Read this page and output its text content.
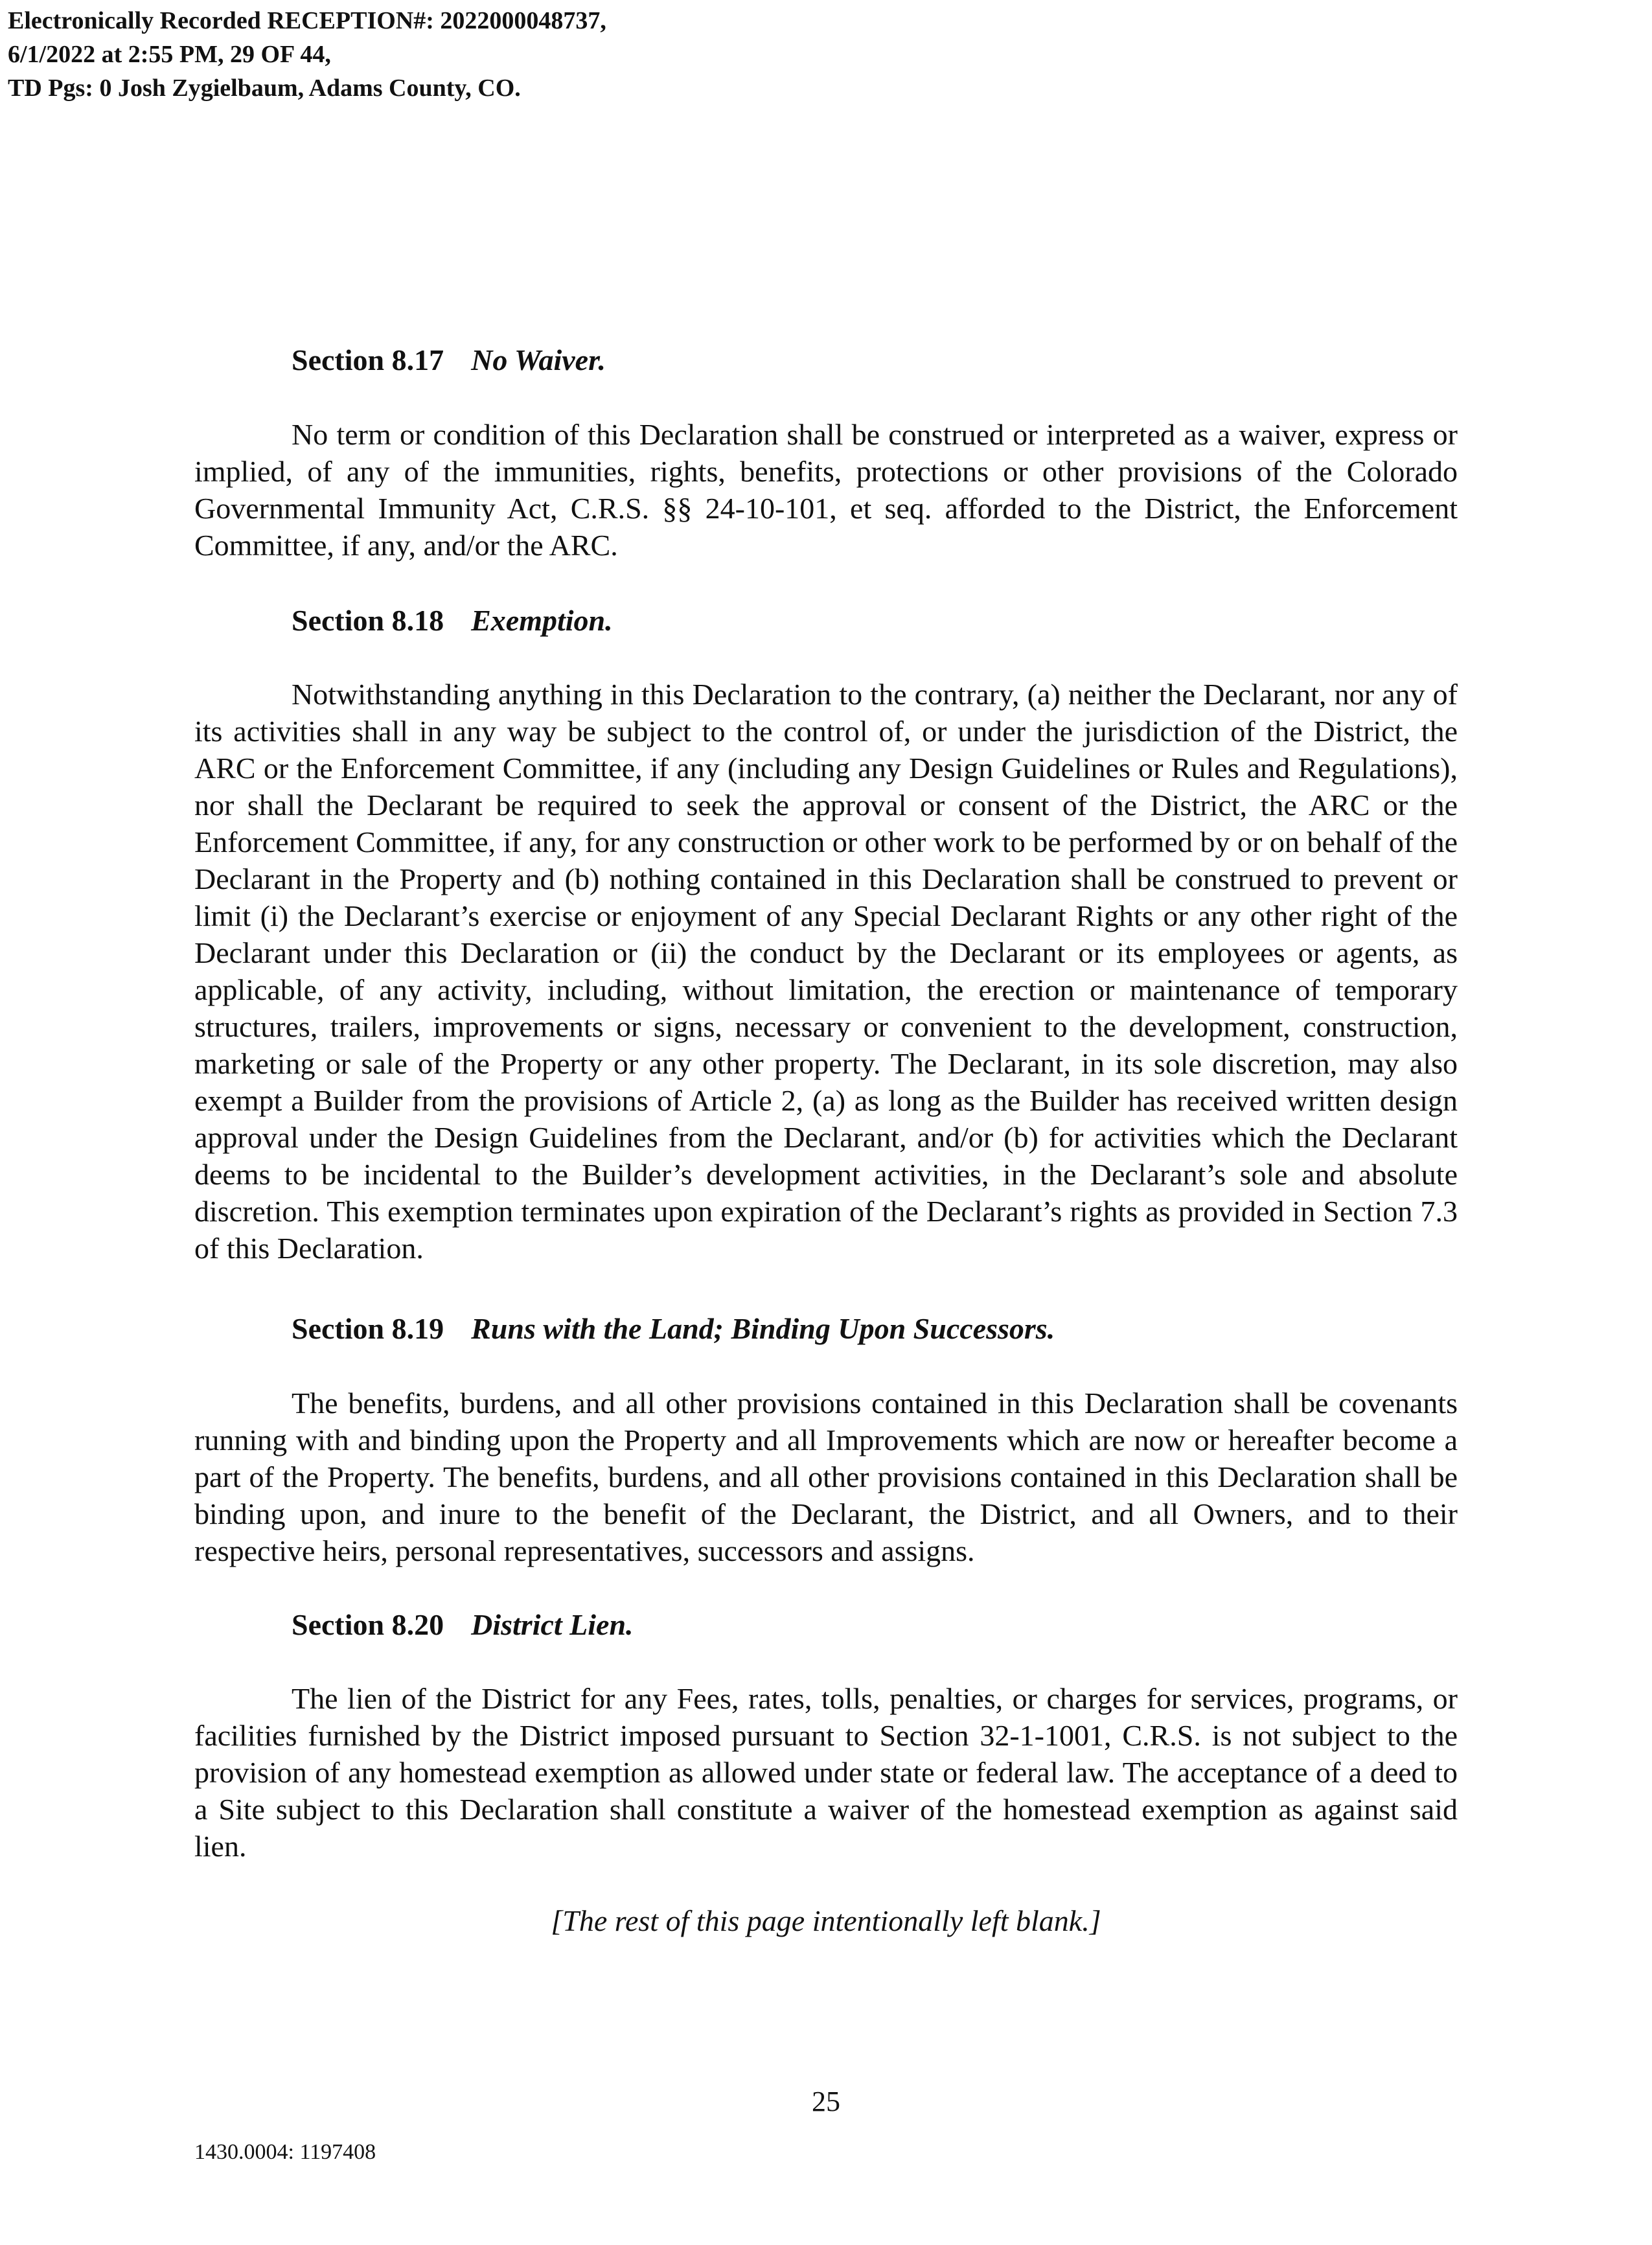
Electronically Recorded RECEPTION#: 2022000048737,
6/1/2022 at 2:55 PM, 29 OF 44,
TD Pgs: 0 Josh Zygielbaum, Adams County, CO.
Section 8.17 No Waiver.

No term or condition of this Declaration shall be construed or interpreted as a waiver, express or implied, of any of the immunities, rights, benefits, protections or other provisions of the Colorado Governmental Immunity Act, C.R.S. §§ 24-10-101, et seq. afforded to the District, the Enforcement Committee, if any, and/or the ARC.

Section 8.18 Exemption.

Notwithstanding anything in this Declaration to the contrary, (a) neither the Declarant, nor any of its activities shall in any way be subject to the control of, or under the jurisdiction of the District, the ARC or the Enforcement Committee, if any (including any Design Guidelines or Rules and Regulations), nor shall the Declarant be required to seek the approval or consent of the District, the ARC or the Enforcement Committee, if any, for any construction or other work to be performed by or on behalf of the Declarant in the Property and (b) nothing contained in this Declaration shall be construed to prevent or limit (i) the Declarant’s exercise or enjoyment of any Special Declarant Rights or any other right of the Declarant under this Declaration or (ii) the conduct by the Declarant or its employees or agents, as applicable, of any activity, including, without limitation, the erection or maintenance of temporary structures, trailers, improvements or signs, necessary or convenient to the development, construction, marketing or sale of the Property or any other property. The Declarant, in its sole discretion, may also exempt a Builder from the provisions of Article 2, (a) as long as the Builder has received written design approval under the Design Guidelines from the Declarant, and/or (b) for activities which the Declarant deems to be incidental to the Builder’s development activities, in the Declarant’s sole and absolute discretion. This exemption terminates upon expiration of the Declarant’s rights as provided in Section 7.3 of this Declaration.

Section 8.19 Runs with the Land; Binding Upon Successors.

The benefits, burdens, and all other provisions contained in this Declaration shall be covenants running with and binding upon the Property and all Improvements which are now or hereafter become a part of the Property. The benefits, burdens, and all other provisions contained in this Declaration shall be binding upon, and inure to the benefit of the Declarant, the District, and all Owners, and to their respective heirs, personal representatives, successors and assigns.

Section 8.20 District Lien.

The lien of the District for any Fees, rates, tolls, penalties, or charges for services, programs, or facilities furnished by the District imposed pursuant to Section 32-1-1001, C.R.S. is not subject to the provision of any homestead exemption as allowed under state or federal law. The acceptance of a deed to a Site subject to this Declaration shall constitute a waiver of the homestead exemption as against said lien.

[The rest of this page intentionally left blank.]
25
1430.0004: 1197408
